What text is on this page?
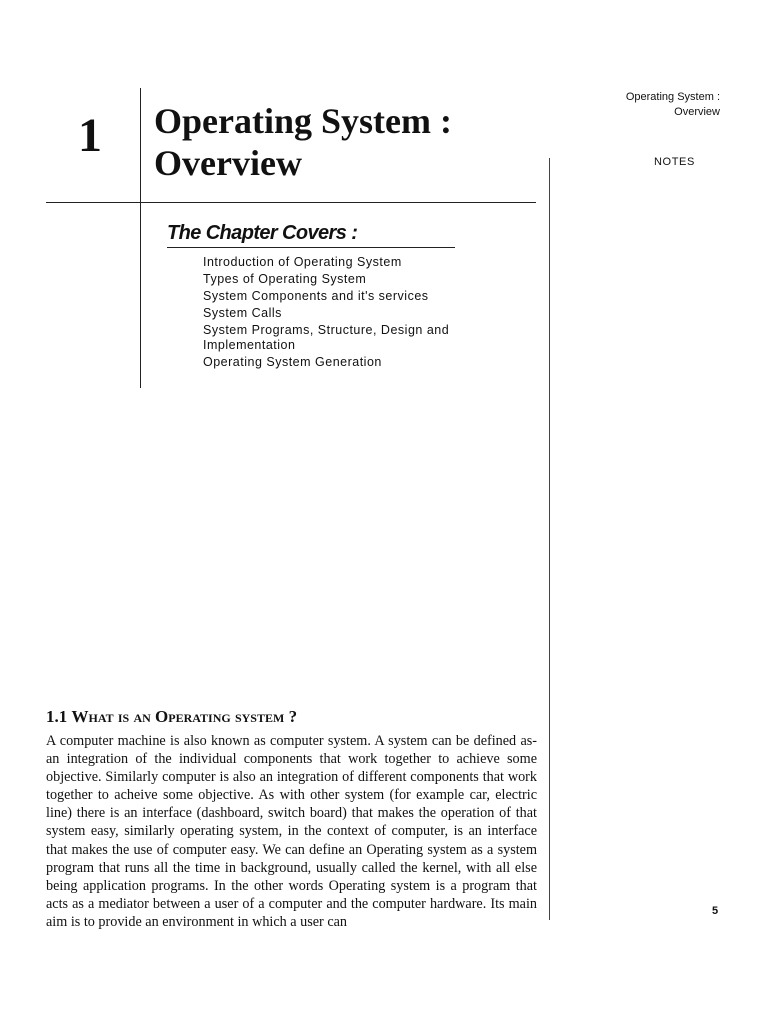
Operating System :
Overview
NOTES
5
1 Operating System :
Overview
The Chapter Covers :
Introduction of Operating System
Types of Operating System
System Components and it's services
System Calls
System Programs, Structure, Design and Implementation
Operating System Generation
1.1 What is an Operating system ?

A computer machine is also known as computer system. A system can be defined as- an integration of the individual components that work together to achieve some objective. Similarly computer is also an integration of different components that work together to acheive some objective. As with other system (for example car, electric line) there is an interface (dashboard, switch board) that makes the operation of that system easy, similarly operating system, in the context of computer, is an interface that makes the use of computer easy. We can define an Operating system as a system program that runs all the time in background, usually called the kernel, with all else being application programs. In the other words Operating system is a program that acts as a mediator between a user of a computer and the computer hardware. Its main aim is to provide an environment in which a user can
